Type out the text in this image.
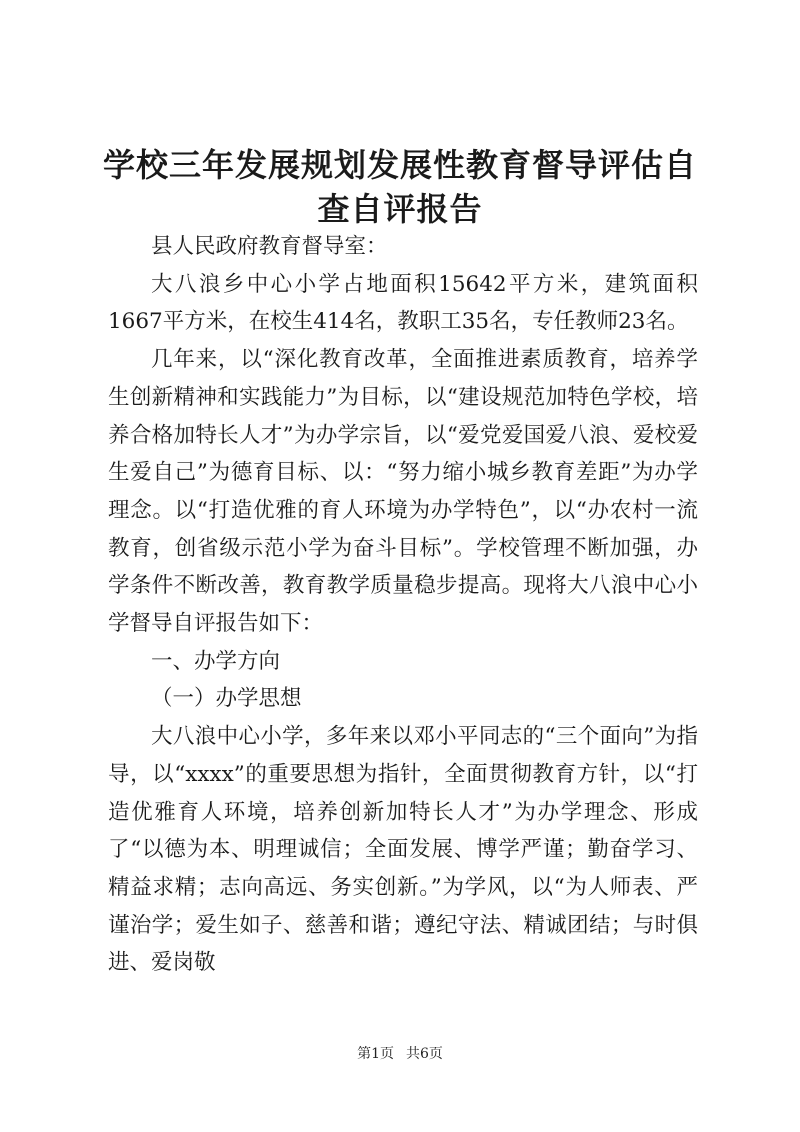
学校三年发展规划发展性教育督导评估自查自评报告

县人民政府教育督导室：

大八浪乡中心小学占地面积15642平方米，建筑面积1667平方米，在校生414名，教职工35名，专任教师23名。

几年来，以“深化教育改革，全面推进素质教育，培养学生创新精神和实践能力”为目标，以“建设规范加特色学校，培养合格加特长人才”为办学宗旨，以“爱党爱国爱八浪、爱校爱生爱自己”为德育目标、以：“努力缩小城乡教育差距”为办学理念。以“打造优雅的育人环境为办学特色”，以“办农村一流教育，创省级示范小学为奋斗目标”。学校管理不断加强，办学条件不断改善，教育教学质量稳步提高。现将大八浪中心小学督导自评报告如下：

一、办学方向

（一）办学思想

大八浪中心小学，多年来以邓小平同志的“三个面向”为指导，以“xxxx”的重要思想为指针，全面贯彻教育方针，以“打造优雅育人环境，培养创新加特长人才”为办学理念、形成了“以德为本、明理诚信；全面发展、博学严谨；勤奋学习、精益求精；志向高远、务实创新。”为学风，以“为人师表、严谨治学；爱生如子、慈善和谐；遵纪守法、精诚团结；与时俱进、爱岗敬

第1页 共6页
